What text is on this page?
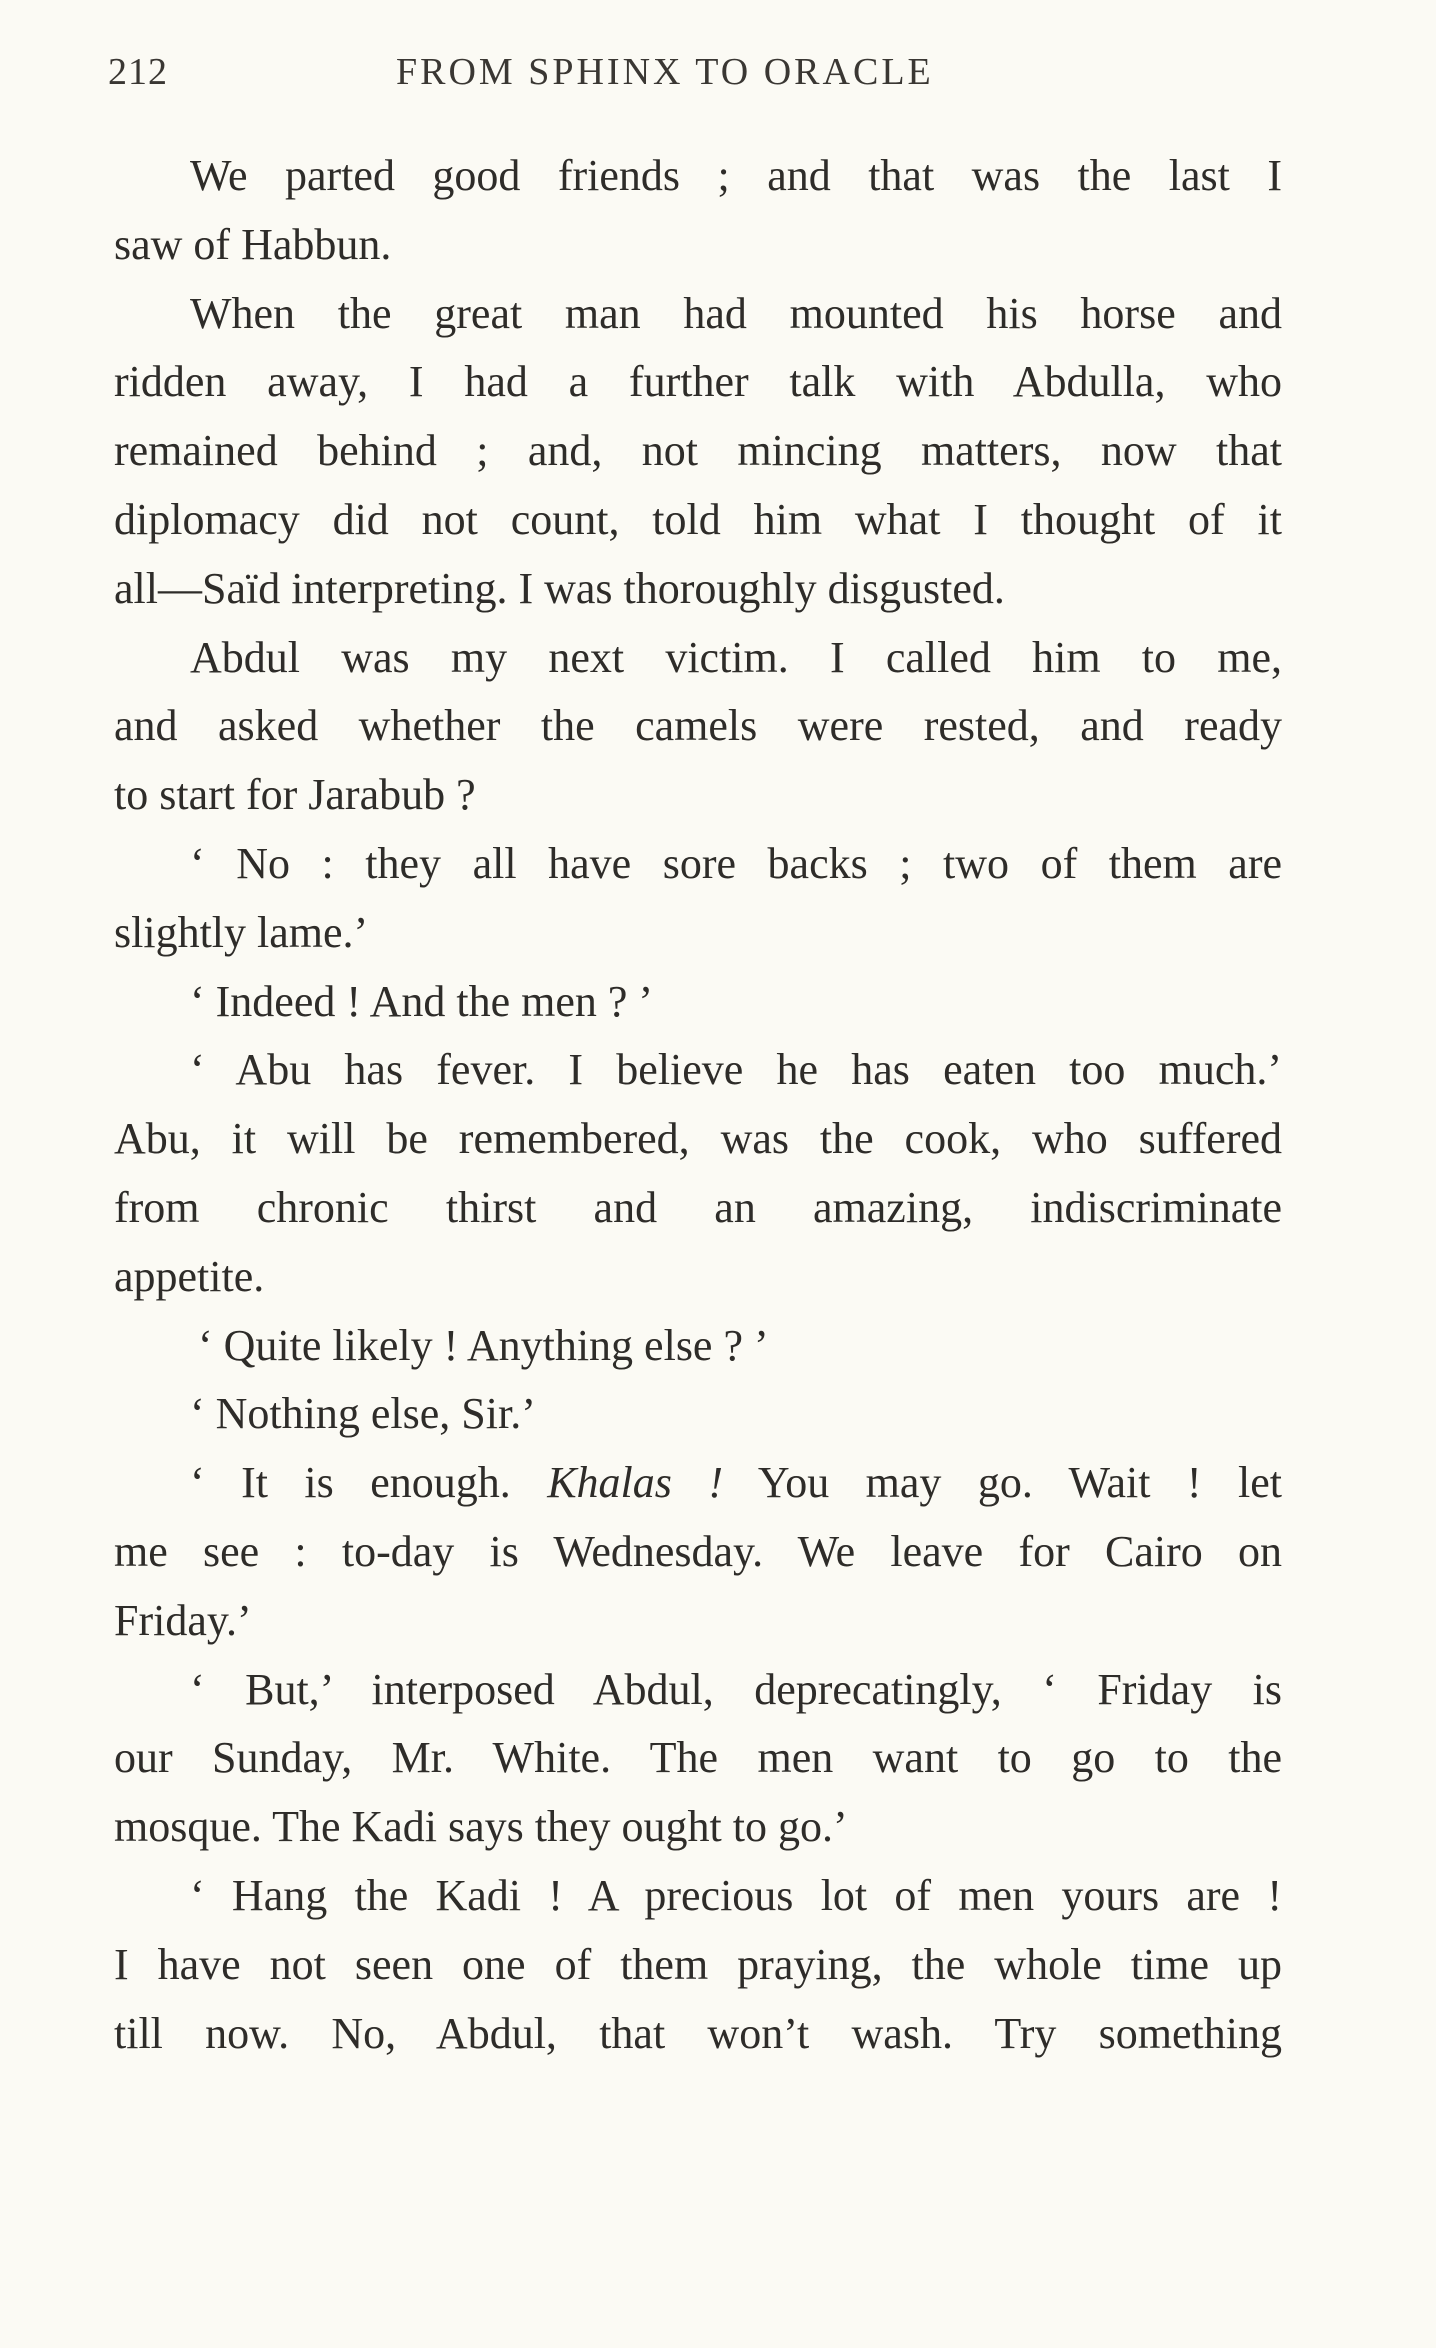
212	FROM SPHINX TO ORACLE
We parted good friends ; and that was the last I
saw of Habbun.
When the great man had mounted his horse and
ridden away, I had a further talk with Abdulla, who
remained behind ; and, not mincing matters, now that
diplomacy did not count, told him what I thought of it
all—Saïd interpreting. I was thoroughly disgusted.
Abdul was my next victim. I called him to me,
and asked whether the camels were rested, and ready
to start for Jarabub ?
‘ No : they all have sore backs ; two of them are
slightly lame.’
‘ Indeed ! And the men ? ’
‘ Abu has fever. I believe he has eaten too much.’
Abu, it will be remembered, was the cook, who suffered
from chronic thirst and an amazing, indiscriminate
appetite.
‘ Quite likely ! Anything else ? ’
‘ Nothing else, Sir.’
‘ It is enough. Khalas ! You may go. Wait ! let
me see : to-day is Wednesday. We leave for Cairo on
Friday.’
‘ But,’ interposed Abdul, deprecatingly, ‘ Friday is
our Sunday, Mr. White. The men want to go to the
mosque. The Kadi says they ought to go.’
‘ Hang the Kadi ! A precious lot of men yours are !
I have not seen one of them praying, the whole time up
till now. No, Abdul, that won’t wash. Try something
